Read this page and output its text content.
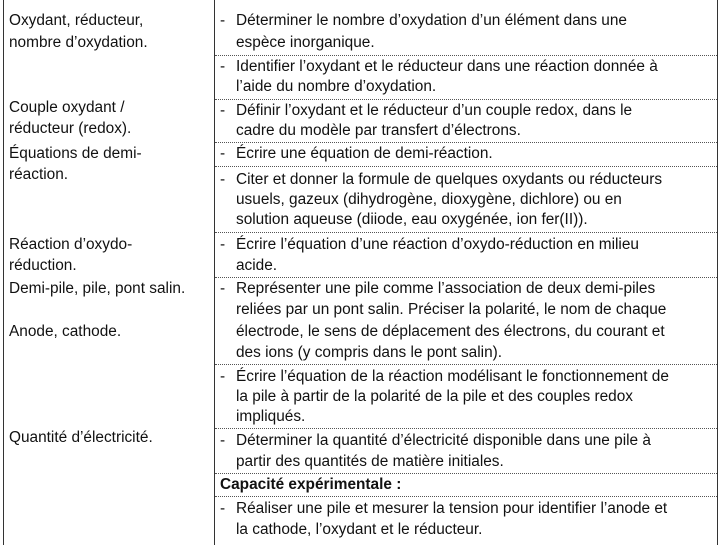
Oxydant, réducteur,
nombre d’oxydation.
Couple oxydant /
réducteur (redox).
Équations de demi-
réaction.
Réaction d’oxydo-
réduction.
Demi-pile, pile, pont salin.
Anode, cathode.
Quantité d’électricité.
- Déterminer le nombre d’oxydation d’un élément dans une
espèce inorganique.
- Identifier l’oxydant et le réducteur dans une réaction donnée à
l’aide du nombre d’oxydation.
- Définir l’oxydant et le réducteur d’un couple redox, dans le
cadre du modèle par transfert d’électrons.
- Écrire une équation de demi-réaction.
- Citer et donner la formule de quelques oxydants ou réducteurs
usuels, gazeux (dihydrogène, dioxygène, dichlore) ou en
solution aqueuse (diiode, eau oxygénée, ion fer(II)).
- Écrire l’équation d’une réaction d’oxydo-réduction en milieu
acide.
- Représenter une pile comme l’association de deux demi-piles
reliées par un pont salin. Préciser la polarité, le nom de chaque
électrode, le sens de déplacement des électrons, du courant et
des ions (y compris dans le pont salin).
- Écrire l’équation de la réaction modélisant le fonctionnement de
la pile à partir de la polarité de la pile et des couples redox
impliqués.
- Déterminer la quantité d’électricité disponible dans une pile à
partir des quantités de matière initiales.
Capacité expérimentale :
- Réaliser une pile et mesurer la tension pour identifier l’anode et
la cathode, l’oxydant et le réducteur.
